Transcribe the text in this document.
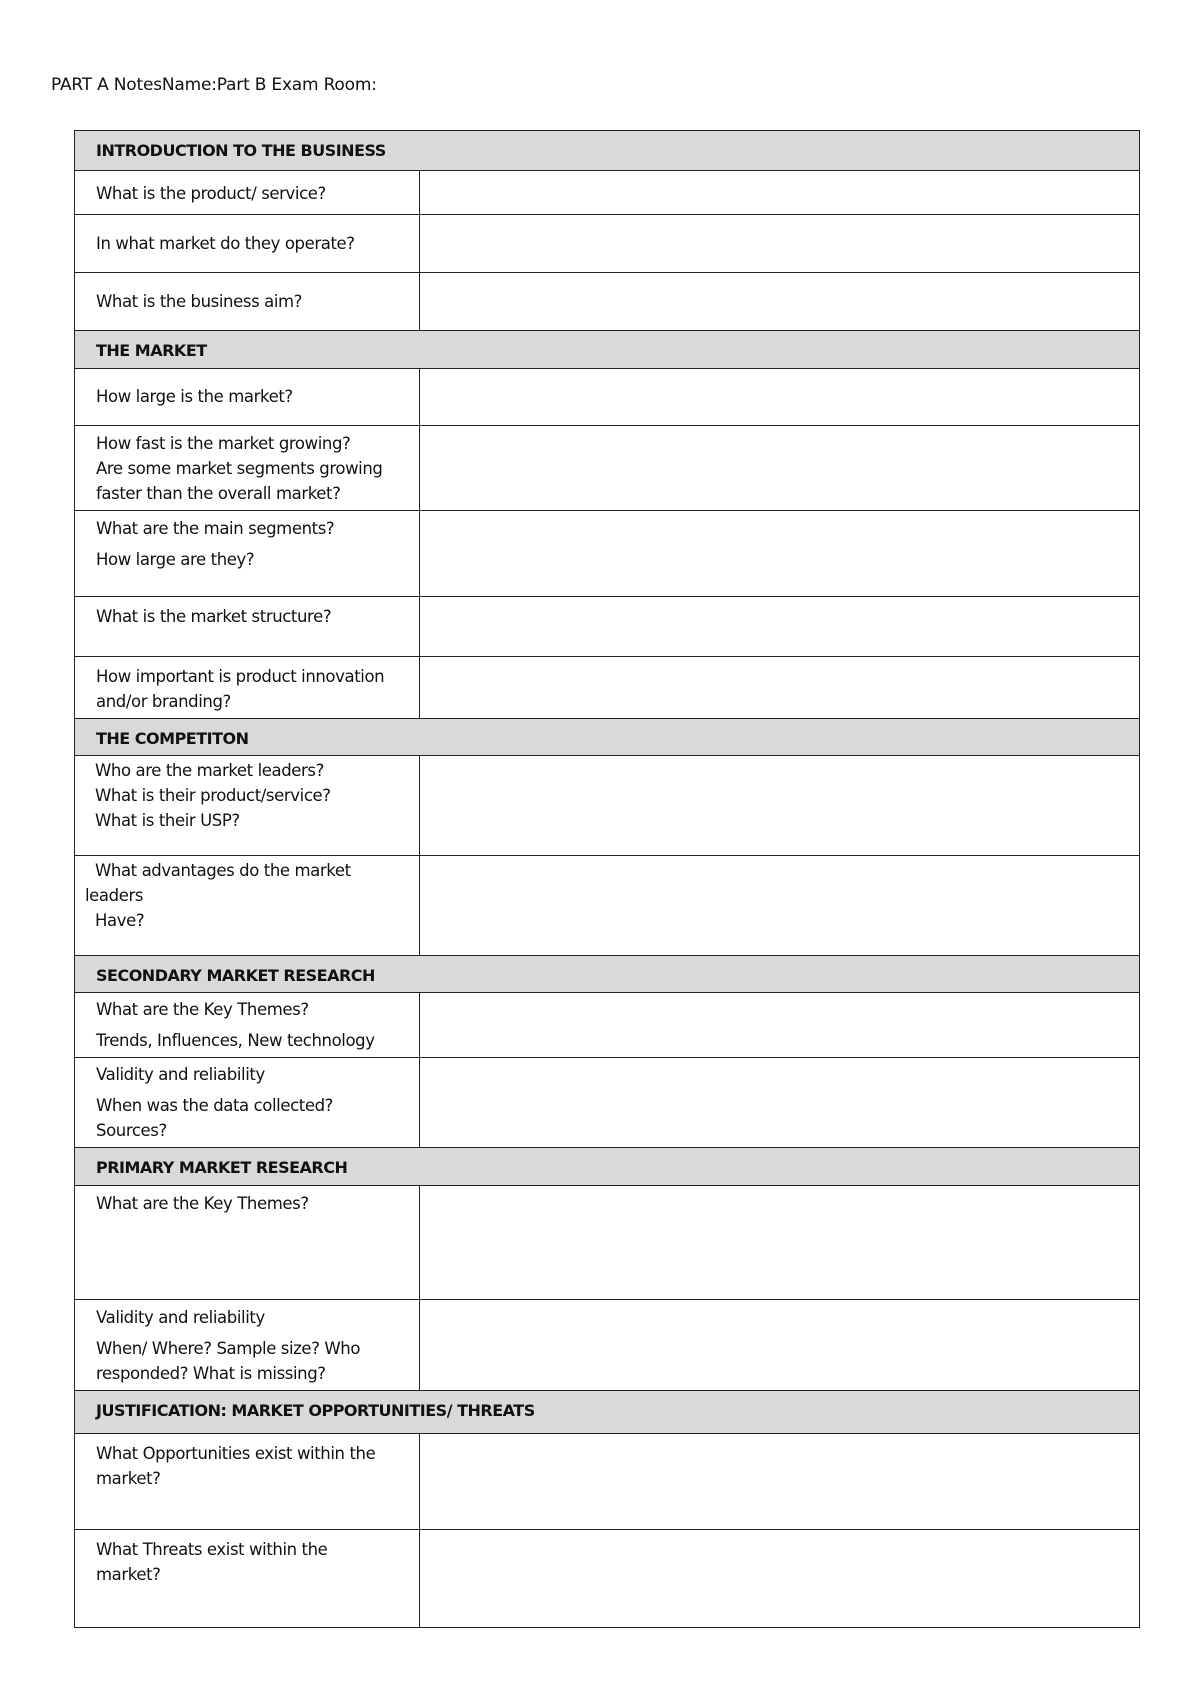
PART A NotesName:Part B Exam Room:
INTRODUCTION TO THE BUSINESS	

What is the product/ service?	

In what market do they operate?	

What is the business aim?	

THE MARKET	

How large is the market?	

How fast is the market growing?
Are some market segments growing
faster than the overall market?	

What are the main segments?
How large are they?	

What is the market structure?	

How important is product innovation
and/or branding?	

THE COMPETITON	

Who are the market leaders?
What is their product/service?
What is their USP?	

What advantages do the market
leaders
Have?	

SECONDARY MARKET RESEARCH	

What are the Key Themes?
Trends, Influences, New technology	

Validity and reliability
When was the data collected?
Sources?	

PRIMARY MARKET RESEARCH	

What are the Key Themes?	

Validity and reliability
When/ Where? Sample size? Who
responded? What is missing?	

JUSTIFICATION: MARKET OPPORTUNITIES/ THREATS	

What Opportunities exist within the
market?	

What Threats exist within the
market?	
